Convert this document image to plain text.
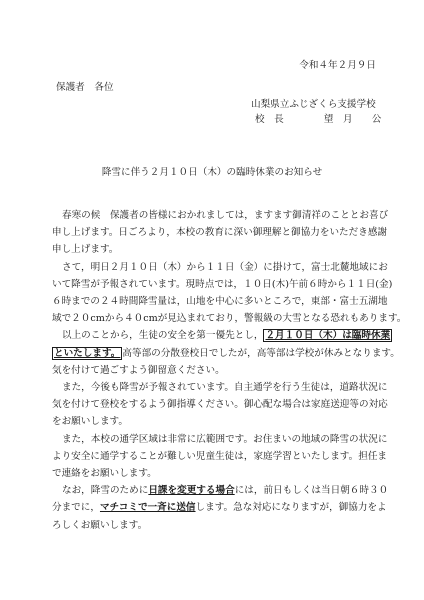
令和４年２月９日
保護者　各位
山梨県立ふじざくら支援学校
校　長	望　月　　公
降雪に伴う２月１０日（木）の臨時休業のお知らせ

春寒の候　保護者の皆様におかれましては，ますます御清祥のこととお喜び

申し上げます。日ごろより，本校の教育に深い御理解と御協力をいただき感謝

申し上げます。

さて，明日２月１０日（木）から１１日（金）に掛けて，富士北麓地域にお

いて降雪が予報されています。現時点では，１０日(木)午前６時から１１日(金)

６時までの２４時間降雪量は，山地を中心に多いところで，東部・富士五湖地

域で２０cmから４０cmが見込まれており，警報級の大雪となる恐れもあります。

以上のことから，生徒の安全を第一優先とし， ２月１０日（木）は臨時休業

といたします。 高等部の分散登校日でしたが，高等部は学校が休みとなります。

気を付けて過ごすよう御留意ください。

また，今後も降雪が予報されています。自主通学を行う生徒は，道路状況に

気を付けて登校をするよう御指導ください。御心配な場合は家庭送迎等の対応

をお願いします。

また，本校の通学区域は非常に広範囲です。お住まいの地域の降雪の状況に

より安全に通学することが難しい児童生徒は，家庭学習といたします。担任ま

で連絡をお願いします。

なお，降雪のために日課を変更する場合には，前日もしくは当日朝６時３０

分までに，マチコミで一斉に送信します。急な対応になりますが，御協力をよ

ろしくお願いします。
